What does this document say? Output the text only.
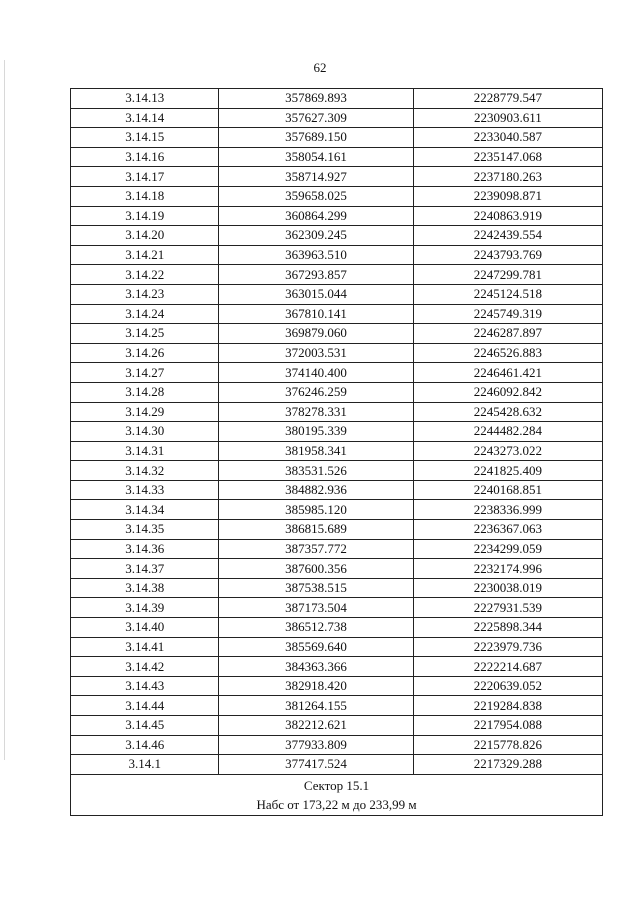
62
3.14.13	357869.893	2228779.547
3.14.14	357627.309	2230903.611
3.14.15	357689.150	2233040.587
3.14.16	358054.161	2235147.068
3.14.17	358714.927	2237180.263
3.14.18	359658.025	2239098.871
3.14.19	360864.299	2240863.919
3.14.20	362309.245	2242439.554
3.14.21	363963.510	2243793.769
3.14.22	367293.857	2247299.781
3.14.23	363015.044	2245124.518
3.14.24	367810.141	2245749.319
3.14.25	369879.060	2246287.897
3.14.26	372003.531	2246526.883
3.14.27	374140.400	2246461.421
3.14.28	376246.259	2246092.842
3.14.29	378278.331	2245428.632
3.14.30	380195.339	2244482.284
3.14.31	381958.341	2243273.022
3.14.32	383531.526	2241825.409
3.14.33	384882.936	2240168.851
3.14.34	385985.120	2238336.999
3.14.35	386815.689	2236367.063
3.14.36	387357.772	2234299.059
3.14.37	387600.356	2232174.996
3.14.38	387538.515	2230038.019
3.14.39	387173.504	2227931.539
3.14.40	386512.738	2225898.344
3.14.41	385569.640	2223979.736
3.14.42	384363.366	2222214.687
3.14.43	382918.420	2220639.052
3.14.44	381264.155	2219284.838
3.14.45	382212.621	2217954.088
3.14.46	377933.809	2215778.826
3.14.1	377417.524	2217329.288

Сектор 15.1
Набс от 173,22 м до 233,99 м		
